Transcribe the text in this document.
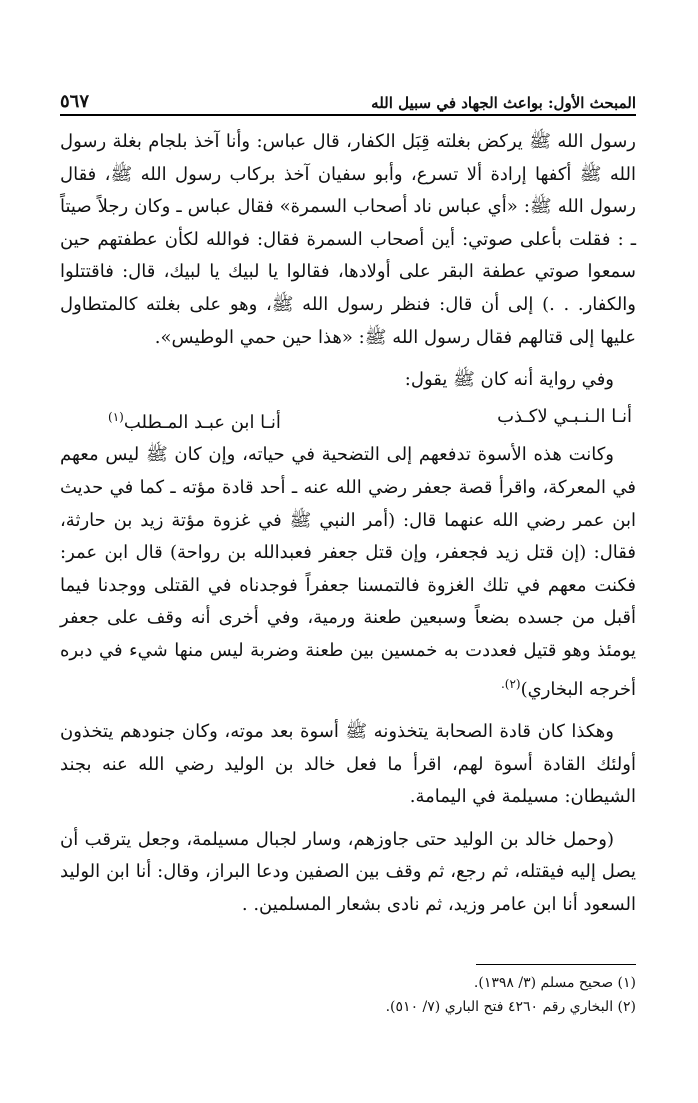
المبحث الأول: بواعث الجهاد في سبيل الله
٥٦٧

رسول الله ﷺ يركض بغلته قِبَل الكفار، قال عباس: وأنا آخذ بلجام بغلة رسول الله ﷺ أكفها إرادة ألا تسرع، وأبو سفيان آخذ بركاب رسول الله ﷺ، فقال رسول الله ﷺ: «أي عباس ناد أصحاب السمرة» فقال عباس ـ وكان رجلاً صيتاً ـ : فقلت بأعلى صوتي: أين أصحاب السمرة فقال: فوالله لكأن عطفتهم حين سمعوا صوتي عطفة البقر على أولادها، فقالوا يا لبيك يا لبيك، قال: فاقتتلوا والكفار. . .) إلى أن قال: فنظر رسول الله ﷺ، وهو على بغلته كالمتطاول عليها إلى قتالهم فقال رسول الله ﷺ: «هذا حين حمي الوطيس».

وفي رواية أنه كان ﷺ يقول:

أنـا الـنـبـي لاكـذب
أنـا ابن عبـد المـطلب$^{(١)}$

وكانت هذه الأسوة تدفعهم إلى التضحية في حياته، وإن كان ﷺ ليس معهم في المعركة، واقرأ قصة جعفر رضي الله عنه ـ أحد قادة مؤته ـ كما في حديث ابن عمر رضي الله عنهما قال: (أمر النبي ﷺ في غزوة مؤتة زيد بن حارثة، فقال: (إن قتل زيد فجعفر، وإن قتل جعفر فعبدالله بن رواحة) قال ابن عمر: فكنت معهم في تلك الغزوة فالتمسنا جعفراً فوجدناه في القتلى ووجدنا فيما أقبل من جسده بضعاً وسبعين طعنة ورمية، وفي أخرى أنه وقف على جعفر يومئذ وهو قتيل فعددت به خمسين بين طعنة وضربة ليس منها شيء في دبره أخرجه البخاري)$^{(٢).}$

وهكذا كان قادة الصحابة يتخذونه ﷺ أسوة بعد موته، وكان جنودهم يتخذون أولئك القادة أسوة لهم، اقرأ ما فعل خالد بن الوليد رضي الله عنه بجند الشيطان: مسيلمة في اليمامة.

(وحمل خالد بن الوليد حتى جاوزهم، وسار لجبال مسيلمة، وجعل يترقب أن يصل إليه فيقتله، ثم رجع، ثم وقف بين الصفين ودعا البراز، وقال: أنا ابن الوليد السعود أنا ابن عامر وزيد، ثم نادى بشعار المسلمين. .

(١) صحيح مسلم (٣/ ١٣٩٨).

(٢) البخاري رقم ٤٢٦٠ فتح الباري (٧/ ٥١٠).
